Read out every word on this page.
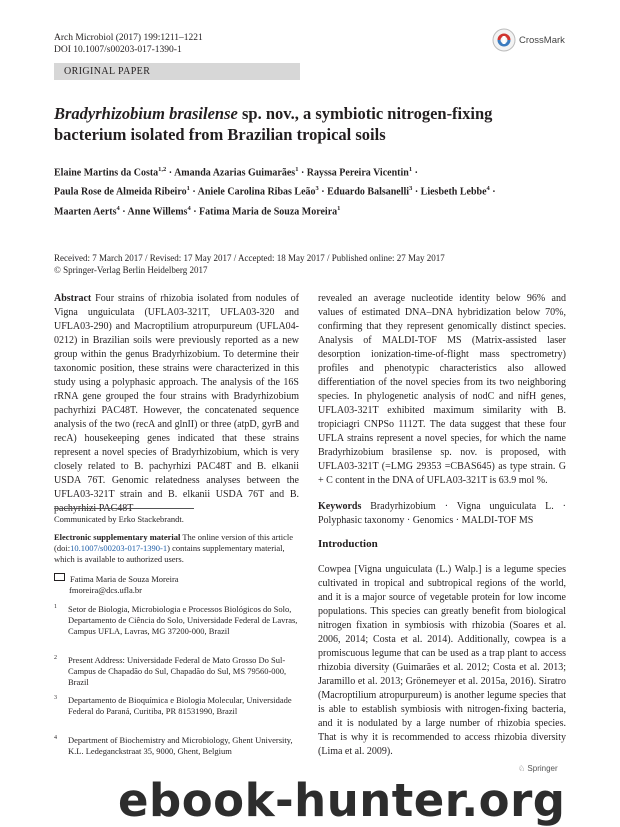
Arch Microbiol (2017) 199:1211–1221
DOI 10.1007/s00203-017-1390-1
CrossMark
ORIGINAL PAPER
Bradyrhizobium brasilense sp. nov., a symbiotic nitrogen-fixing bacterium isolated from Brazilian tropical soils
Elaine Martins da Costa$^{1,2}$ · Amanda Azarias Guimarães$^1$ · Rayssa Pereira Vicentin$^1$ ·
Paula Rose de Almeida Ribeiro$^1$ · Aniele Carolina Ribas Leão$^3$ · Eduardo Balsanelli$^3$ · Liesbeth Lebbe$^4$ ·
Maarten Aerts$^4$ · Anne Willems$^4$ · Fatima Maria de Souza Moreira$^1$
Received: 7 March 2017 / Revised: 17 May 2017 / Accepted: 18 May 2017 / Published online: 27 May 2017
© Springer-Verlag Berlin Heidelberg 2017
Abstract Four strains of rhizobia isolated from nodules of Vigna unguiculata (UFLA03-321T, UFLA03-320 and UFLA03-290) and Macroptilium atropurpureum (UFLA04-0212) in Brazilian soils were previously reported as a new group within the genus Bradyrhizobium. To determine their taxonomic position, these strains were characterized in this study using a polyphasic approach. The analysis of the 16S rRNA gene grouped the four strains with Bradyrhizobium pachyrhizi PAC48T. However, the concatenated sequence analysis of the two (recA and glnII) or three (atpD, gyrB and recA) housekeeping genes indicated that these strains represent a novel species of Bradyrhizobium, which is very closely related to B. pachyrhizi PAC48T and B. elkanii USDA 76T. Genomic relatedness analyses between the UFLA03-321T strain and B. elkanii USDA 76T and B. pachyrhizi PAC48T
revealed an average nucleotide identity below 96% and values of estimated DNA–DNA hybridization below 70%, confirming that they represent genomically distinct species. Analysis of MALDI-TOF MS (Matrix-assisted laser desorption ionization-time-of-flight mass spectrometry) profiles and phenotypic characteristics also allowed differentiation of the novel species from its two neighboring species. In phylogenetic analysis of nodC and nifH genes, UFLA03-321T exhibited maximum similarity with B. tropiciagri CNPSo 1112T. The data suggest that these four UFLA strains represent a novel species, for which the name Bradyrhizobium brasilense sp. nov. is proposed, with UFLA03-321T (=LMG 29353 =CBAS645) as type strain. G + C content in the DNA of UFLA03-321T is 63.9 mol %.
Keywords Bradyrhizobium · Vigna unguiculata L. · Polyphasic taxonomy · Genomics · MALDI-TOF MS
Communicated by Erko Stackebrandt.
Electronic supplementary material The online version of this article (doi:10.1007/s00203-017-1390-1) contains supplementary material, which is available to authorized users.
Fatima Maria de Souza Moreira
fmoreira@dcs.ufla.br
1 Setor de Biologia, Microbiologia e Processos Biológicos do Solo, Departamento de Ciência do Solo, Universidade Federal de Lavras, Campus UFLA, Lavras, MG 37200-000, Brazil
2 Present Address: Universidade Federal de Mato Grosso Do Sul-Campus de Chapadão do Sul, Chapadão do Sul, MS 79560-000, Brazil
3 Departamento de Bioquímica e Biologia Molecular, Universidade Federal do Paraná, Curitiba, PR 81531990, Brazil
4 Department of Biochemistry and Microbiology, Ghent University, K.L. Ledeganckstraat 35, 9000, Ghent, Belgium
Introduction
Cowpea [Vigna unguiculata (L.) Walp.] is a legume species cultivated in tropical and subtropical regions of the world, and it is a major source of vegetable protein for low income populations. This species can greatly benefit from biological nitrogen fixation in symbiosis with rhizobia (Soares et al. 2006, 2014; Costa et al. 2014). Additionally, cowpea is a promiscuous legume that can be used as a trap plant to access rhizobia diversity (Guimarães et al. 2012; Costa et al. 2013; Jaramillo et al. 2013; Grönemeyer et al. 2015a, 2016). Siratro (Macroptilium atropurpureum) is another legume species that is able to establish symbiosis with nitrogen-fixing bacteria, and it is nodulated by a large number of rhizobia species. That is why it is recommended to access rhizobia diversity (Lima et al. 2009).
♘ Springer
ebook-hunter.org
